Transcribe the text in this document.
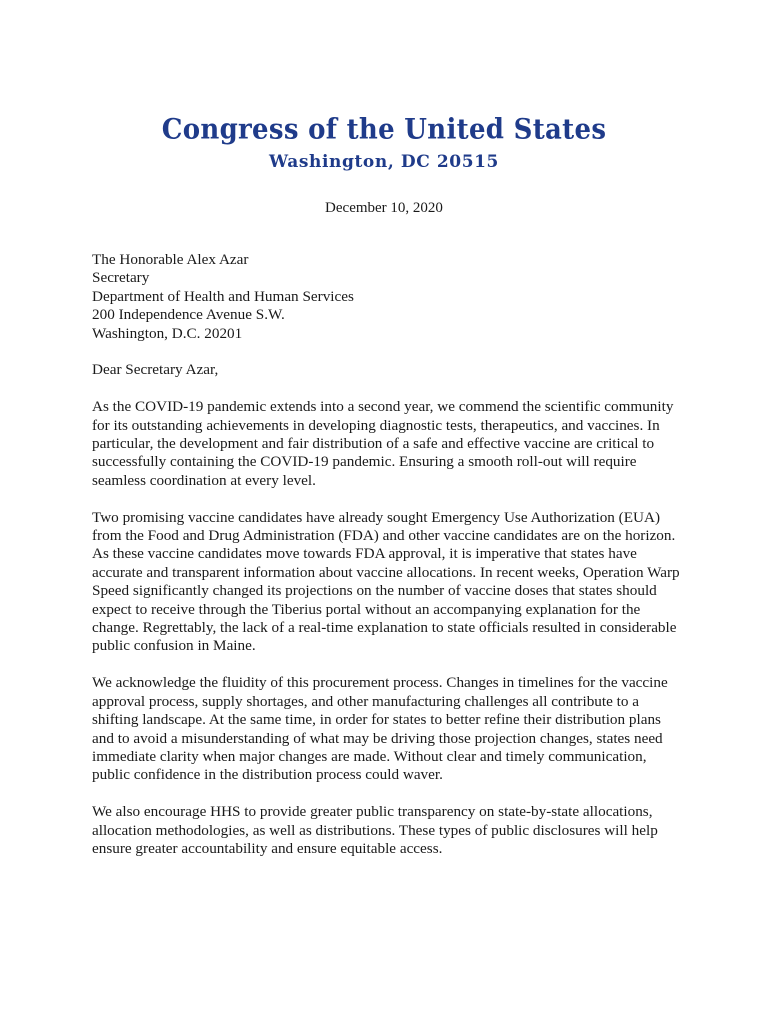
Congress of the United States
Washington, DC 20515
December 10, 2020
The Honorable Alex Azar
Secretary
Department of Health and Human Services
200 Independence Avenue S.W.
Washington, D.C. 20201
Dear Secretary Azar,
As the COVID-19 pandemic extends into a second year, we commend the scientific community
for its outstanding achievements in developing diagnostic tests, therapeutics, and vaccines. In
particular, the development and fair distribution of a safe and effective vaccine are critical to
successfully containing the COVID-19 pandemic. Ensuring a smooth roll-out will require
seamless coordination at every level.
Two promising vaccine candidates have already sought Emergency Use Authorization (EUA)
from the Food and Drug Administration (FDA) and other vaccine candidates are on the horizon.
As these vaccine candidates move towards FDA approval, it is imperative that states have
accurate and transparent information about vaccine allocations. In recent weeks, Operation Warp
Speed significantly changed its projections on the number of vaccine doses that states should
expect to receive through the Tiberius portal without an accompanying explanation for the
change. Regrettably, the lack of a real-time explanation to state officials resulted in considerable
public confusion in Maine.
We acknowledge the fluidity of this procurement process. Changes in timelines for the vaccine
approval process, supply shortages, and other manufacturing challenges all contribute to a
shifting landscape. At the same time, in order for states to better refine their distribution plans
and to avoid a misunderstanding of what may be driving those projection changes, states need
immediate clarity when major changes are made. Without clear and timely communication,
public confidence in the distribution process could waver.
We also encourage HHS to provide greater public transparency on state-by-state allocations,
allocation methodologies, as well as distributions. These types of public disclosures will help
ensure greater accountability and ensure equitable access.
